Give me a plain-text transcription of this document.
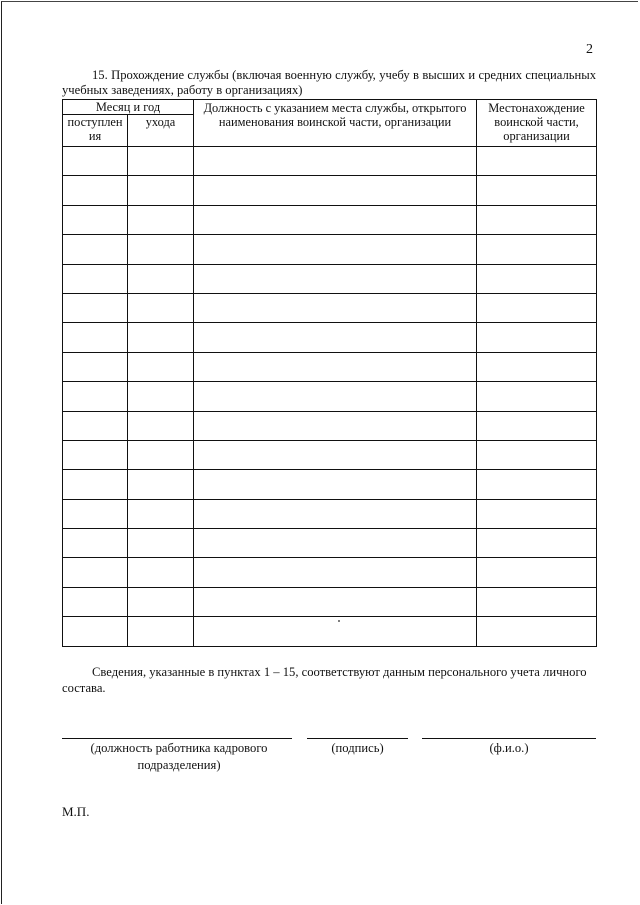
2
15. Прохождение службы (включая военную службу, учебу в высших и средних специальных учебных заведениях, работу в организациях)
Месяц и год		Должность с указанием места службы, открытого наименования воинской части, организации	Местонахождение воинской части, организации
поступлен ия	ухода		

Сведения, указанные в пунктах 1 – 15, соответствуют данным персонального учета личного состава.
(должность работника кадрового подразделения)
(подпись)	(ф.и.о.)
М.П.
